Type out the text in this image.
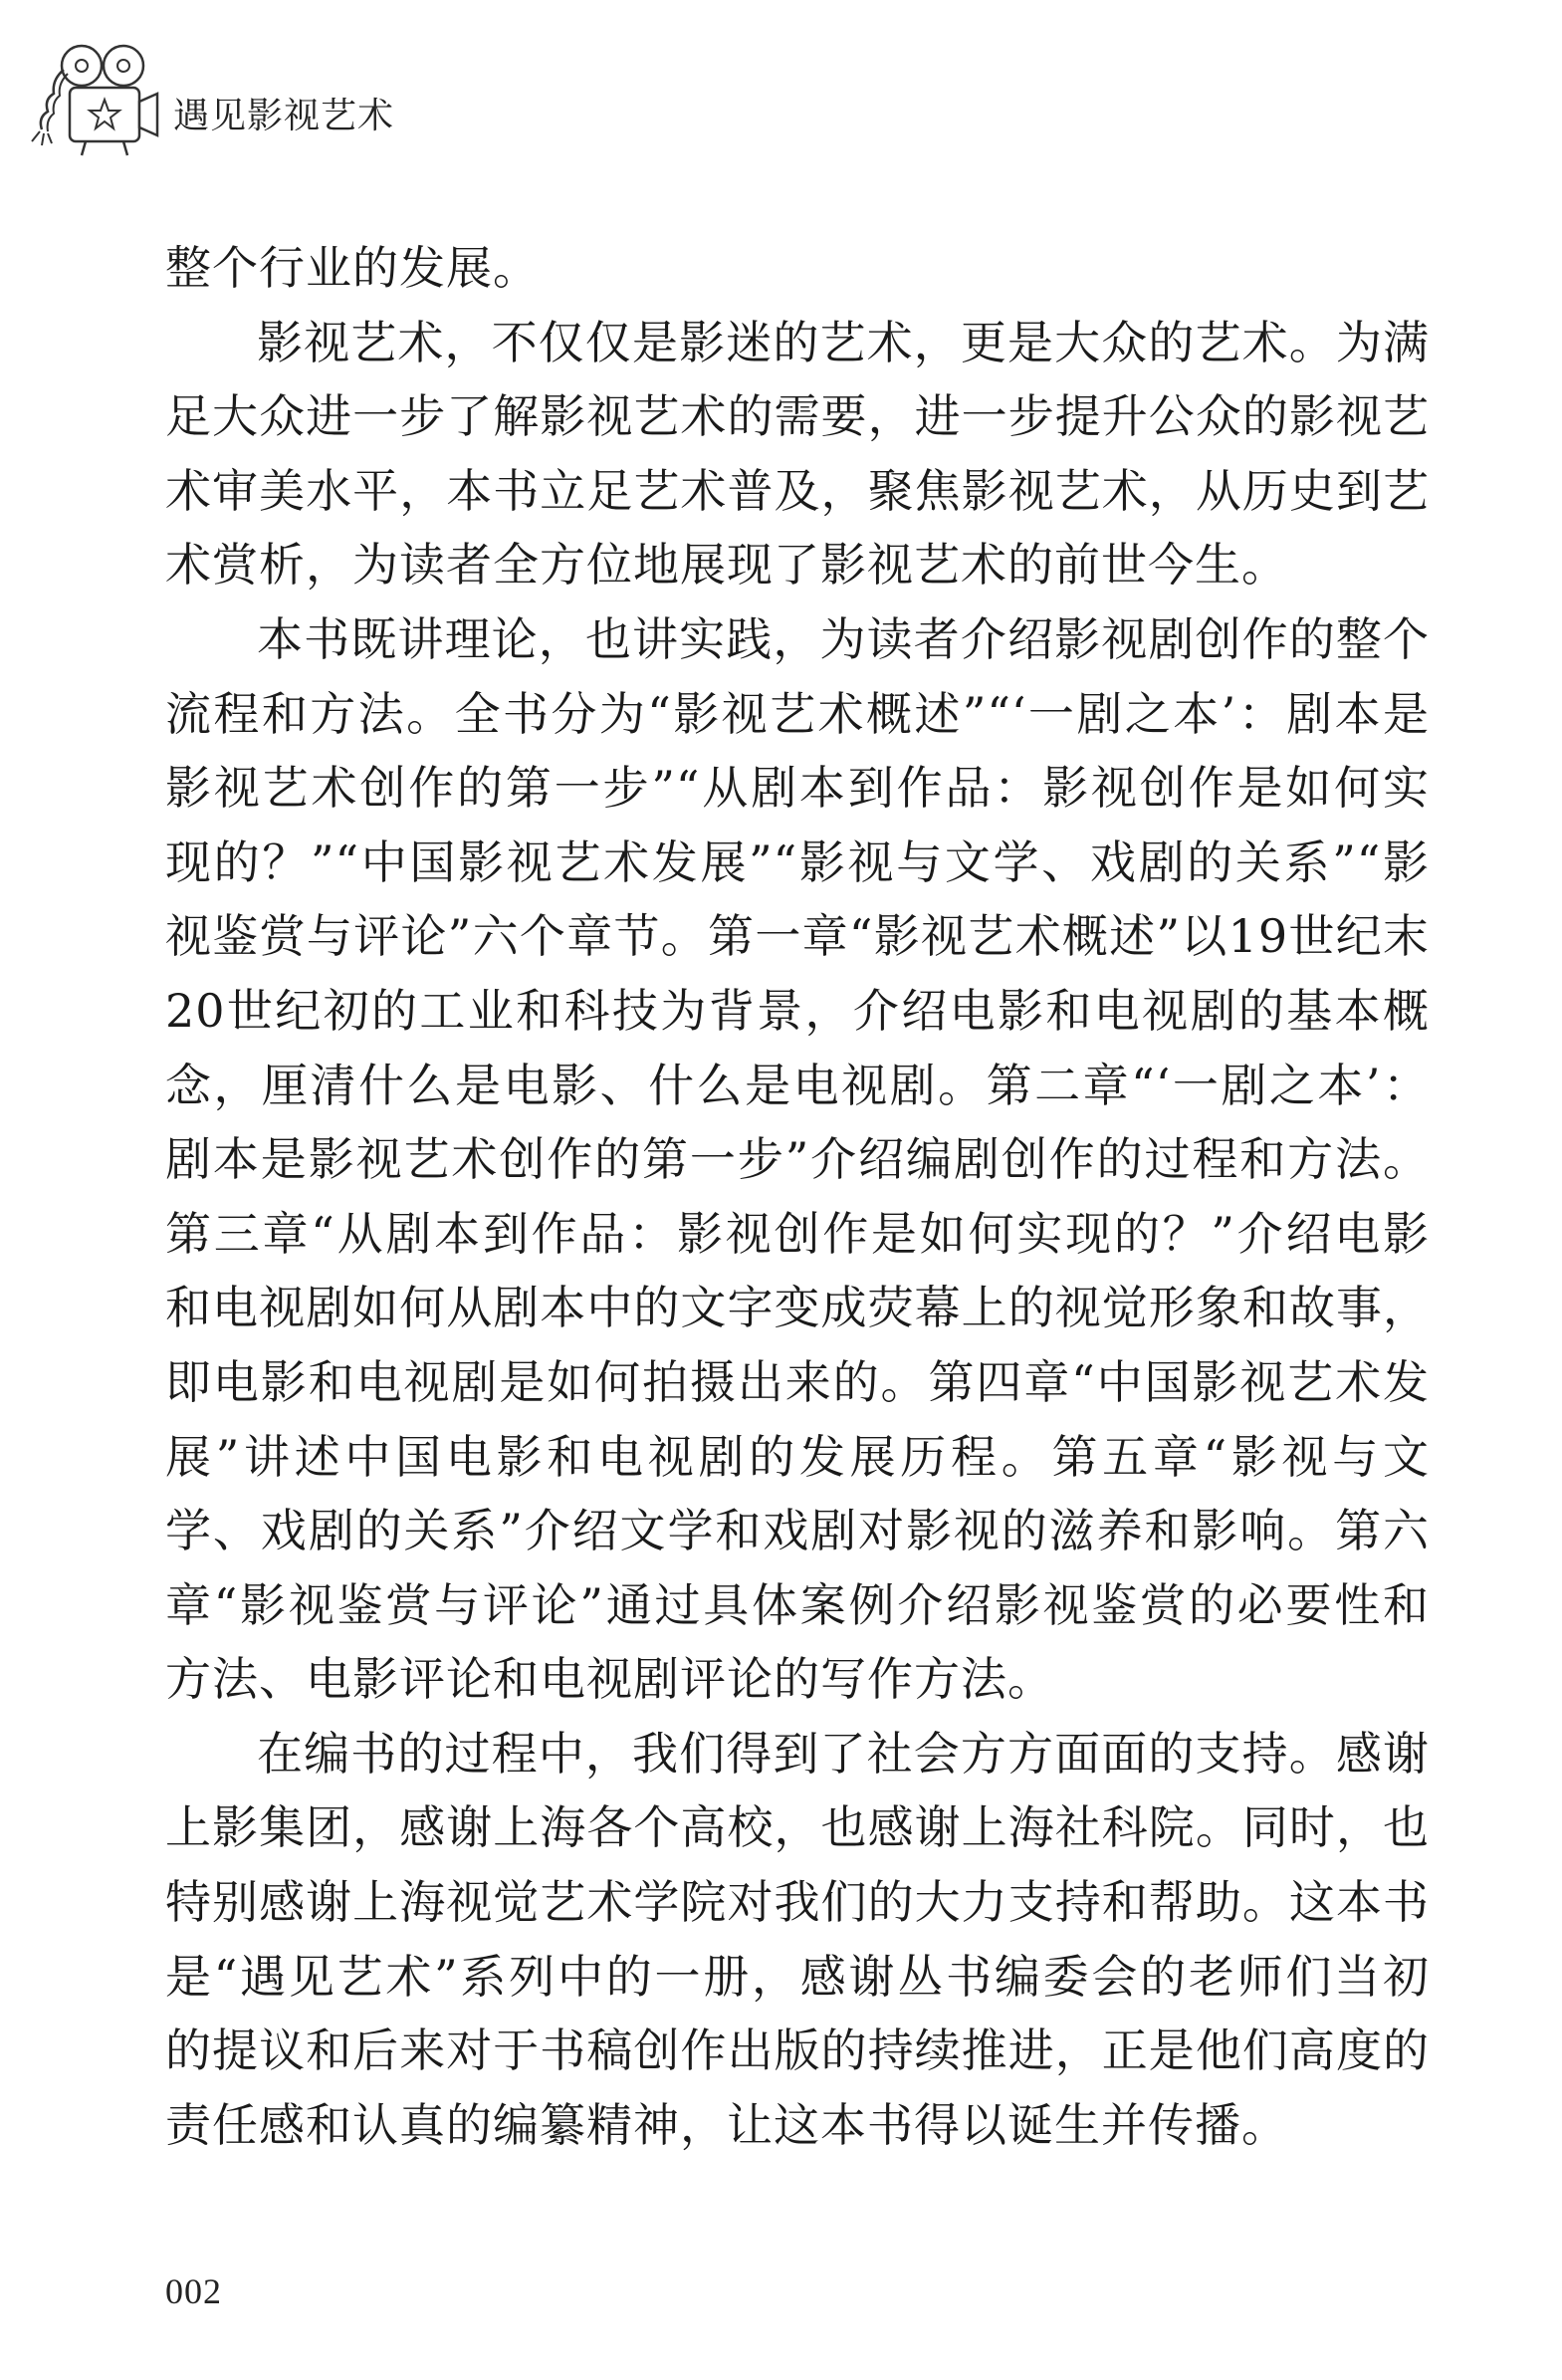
遇见影视艺术

整个行业的发展。

影视艺术，不仅仅是影迷的艺术，更是大众的艺术。为满足大众进一步了解影视艺术的需要，进一步提升公众的影视艺术审美水平，本书立足艺术普及，聚焦影视艺术，从历史到艺术赏析，为读者全方位地展现了影视艺术的前世今生。

本书既讲理论，也讲实践，为读者介绍影视剧创作的整个流程和方法。全书分为“影视艺术概述”“‘一剧之本’：剧本是影视艺术创作的第一步”“从剧本到作品：影视创作是如何实现的？”“中国影视艺术发展”“影视与文学、戏剧的关系”“影视鉴赏与评论”六个章节。第一章“影视艺术概述”以19世纪末20世纪初的工业和科技为背景，介绍电影和电视剧的基本概念，厘清什么是电影、什么是电视剧。第二章“‘一剧之本’：剧本是影视艺术创作的第一步”介绍编剧创作的过程和方法。第三章“从剧本到作品：影视创作是如何实现的？”介绍电影和电视剧如何从剧本中的文字变成荧幕上的视觉形象和故事，即电影和电视剧是如何拍摄出来的。第四章“中国影视艺术发展”讲述中国电影和电视剧的发展历程。第五章“影视与文学、戏剧的关系”介绍文学和戏剧对影视的滋养和影响。第六章“影视鉴赏与评论”通过具体案例介绍影视鉴赏的必要性和方法、电影评论和电视剧评论的写作方法。

在编书的过程中，我们得到了社会方方面面的支持。感谢上影集团，感谢上海各个高校，也感谢上海社科院。同时，也特别感谢上海视觉艺术学院对我们的大力支持和帮助。这本书是“遇见艺术”系列中的一册，感谢丛书编委会的老师们当初的提议和后来对于书稿创作出版的持续推进，正是他们高度的责任感和认真的编纂精神，让这本书得以诞生并传播。

002
